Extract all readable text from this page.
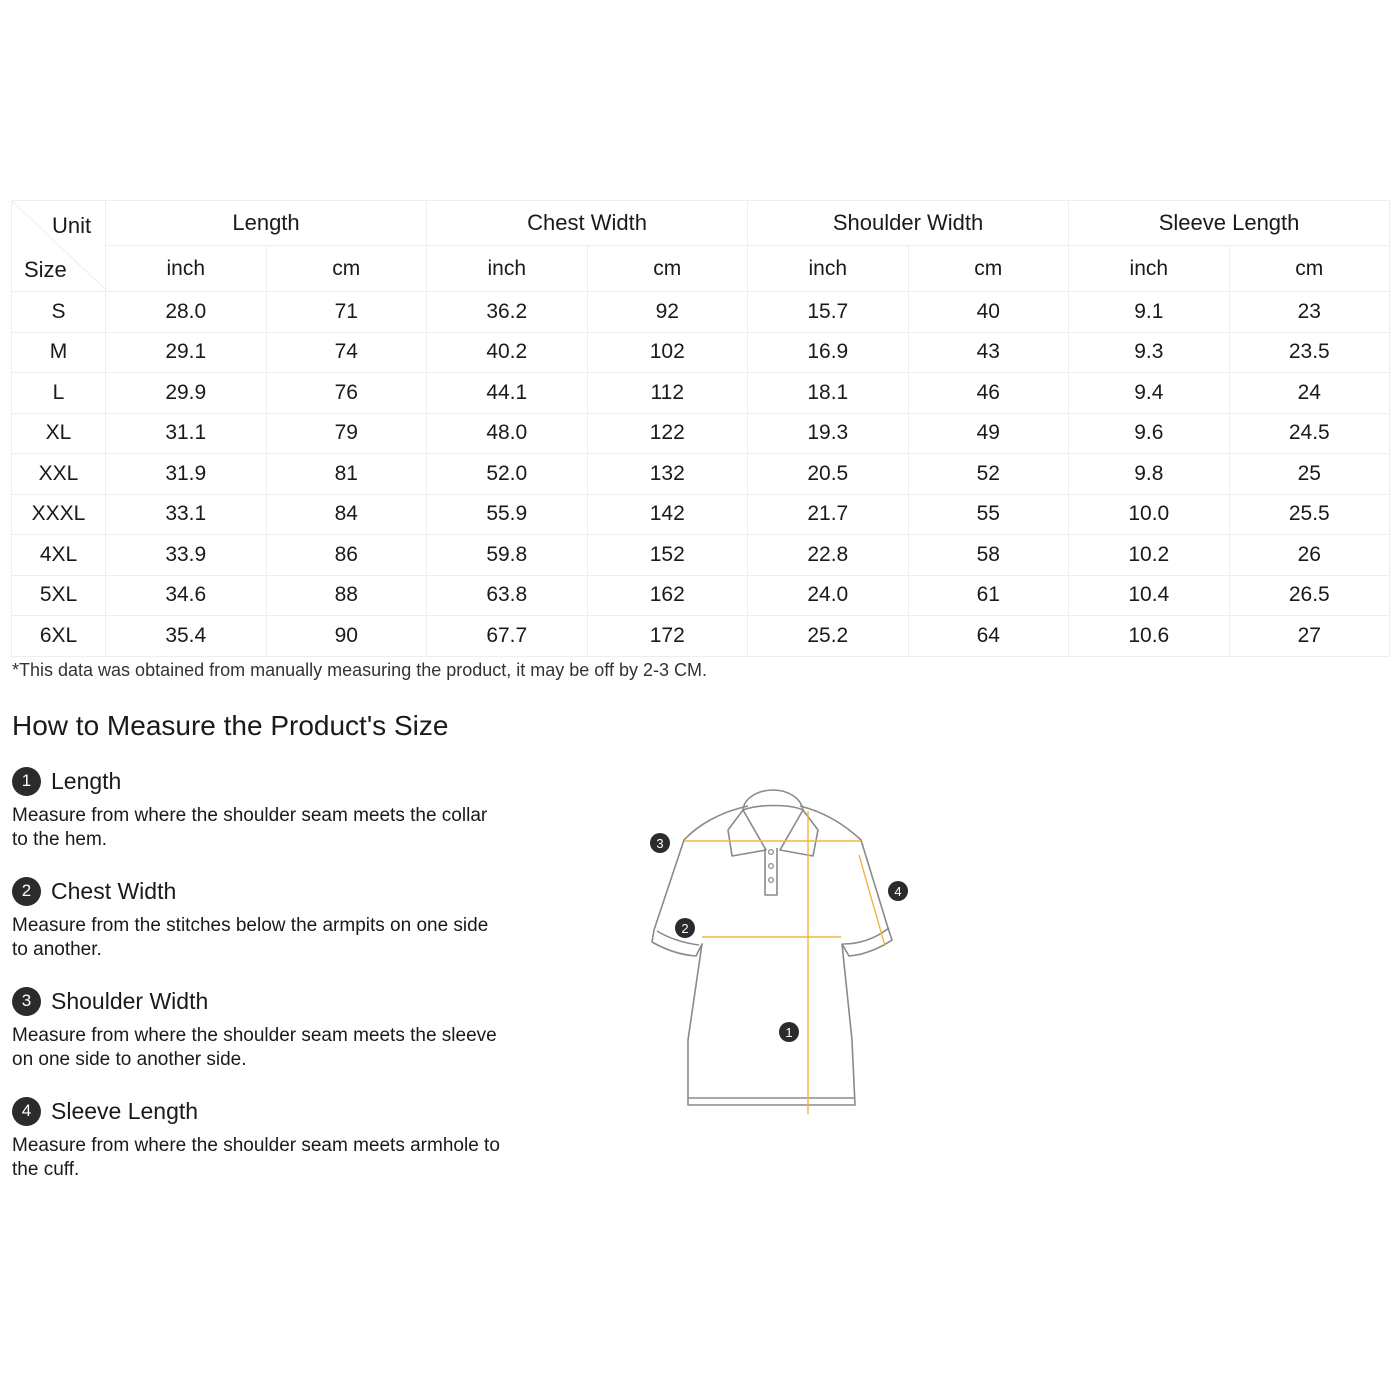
Unit
Size	Length		Chest Width		Shoulder Width		Sleeve Length	
	inch	cm	inch	cm	inch	cm	inch	cm
S	28.0	71	36.2	92	15.7	40	9.1	23
M	29.1	74	40.2	102	16.9	43	9.3	23.5
L	29.9	76	44.1	112	18.1	46	9.4	24
XL	31.1	79	48.0	122	19.3	49	9.6	24.5
XXL	31.9	81	52.0	132	20.5	52	9.8	25
XXXL	33.1	84	55.9	142	21.7	55	10.0	25.5
4XL	33.9	86	59.8	152	22.8	58	10.2	26
5XL	34.6	88	63.8	162	24.0	61	10.4	26.5
6XL	35.4	90	67.7	172	25.2	64	10.6	27
*This data was obtained from manually measuring the product, it may be off by 2-3 CM.
How to Measure the Product's Size
1 Length
Measure from where the shoulder seam meets the collar to the hem.
2 Chest Width
Measure from the stitches below the armpits on one side to another.
3 Shoulder Width
Measure from where the shoulder seam meets the sleeve on one side to another side.
4 Sleeve Length
Measure from where the shoulder seam meets armhole to the cuff.
1
2
3
4
